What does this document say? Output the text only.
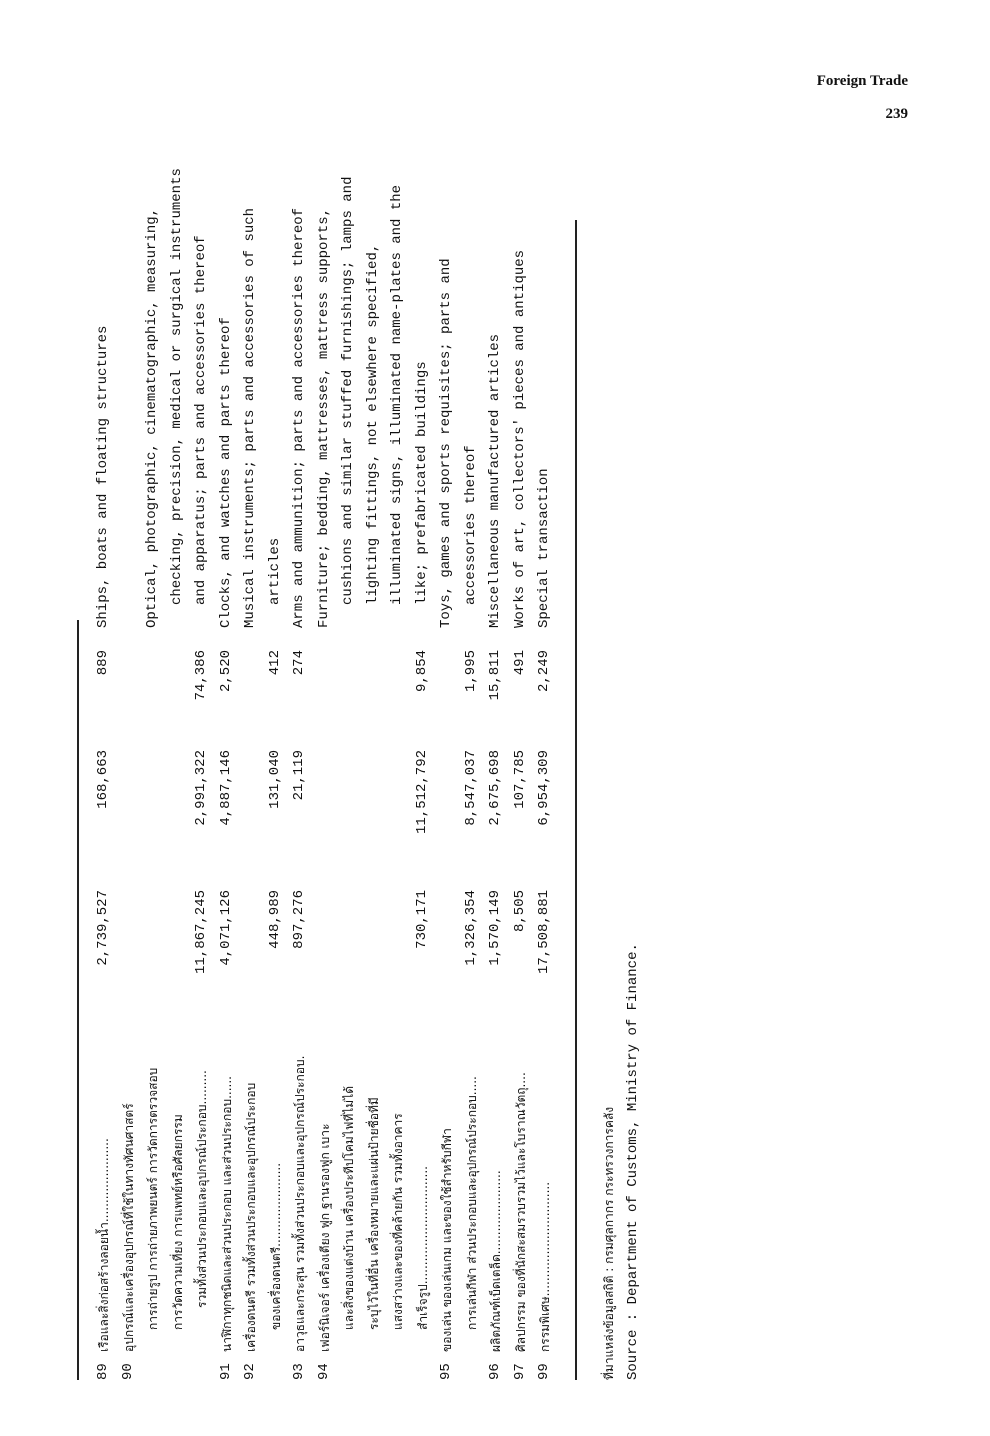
Foreign Trade
239
89
เรือและสิ่งก่อสร้างลอยน้ำ......................
2,739,527
168,663
889
Ships, boats and floating structures
90
อุปกรณ์และเครื่องอุปกรณ์ที่ใช้ในทางทัศนศาสตร์ การถ่ายรูป การถ่ายภาพยนตร์ การวัดการตรวจสอบ
Optical, photographic, cinematographic, measuring,
การวัดความเที่ยง การแพทย์หรือศัลยกรรม
checking, precision, medical or surgical instruments
รวมทั้งส่วนประกอบและอุปกรณ์ประกอบ.........
11,867,245
2,991,322
74,386
and apparatus; parts and accessories thereof
91
นาฬิกาทุกชนิดและส่วนประกอบ และส่วนประกอบ......
4,071,126
4,887,146
2,520
Clocks, and watches and parts thereof
92
เครื่องดนตรี รวมทั้งส่วนประกอบและอุปกรณ์ประกอบ
Musical instruments; parts and accessories of such
ของเครื่องดนตรี......................
448,989
131,040
412
articles
93
อาวุธและกระสุน รวมทั้งส่วนประกอบและอุปกรณ์ประกอบ.
897,276
21,119
274
Arms and ammunition; parts and accessories thereof
94
เฟอร์นิเจอร์ เครื่องเตียง ฟูก ฐานรองฟูก เบาะ
Furniture; bedding, mattresses, mattress supports,
และสิ่งของแต่งบ้าน เครื่องประทีปโคมไฟที่ไม่ได้
cushions and similar stuffed furnishings; lamps and
ระบุไว้ในที่อื่น เครื่องหมายและแผ่นป้ายชื่อที่มี
lighting fittings, not elsewhere specified,
แสงสว่างและของที่คล้ายกัน รวมทั้งอาคาร
illuminated signs, illuminated name-plates and the
สำเร็จรูป...............................
730,171
11,512,792
9,854
like; prefabricated buildings
95
ของเล่น ของเล่นเกม และของใช้สำหรับกีฬา
Toys, games and sports requisites; parts and
การเล่นกีฬา ส่วนประกอบและอุปกรณ์ประกอบ.....
1,326,354
8,547,037
1,995
accessories thereof
96
ผลิตภัณฑ์เบ็ดเตล็ด......................
1,570,149
2,675,698
15,811
Miscellaneous manufactured articles
97
ศิลปกรรม ของที่นักสะสมรวบรวมไว้และโบราณวัตถุ....
8,505
107,785
491
Works of art, collectors' pieces and antiques
99
กรรมพิเศษ..............................
17,508,881
6,954,309
2,249
Special transaction
ที่มาแหล่งข้อมูลสถิติ : กรมศุลกากร กระทรวงการคลัง Source : Department of Customs, Ministry of Finance.
